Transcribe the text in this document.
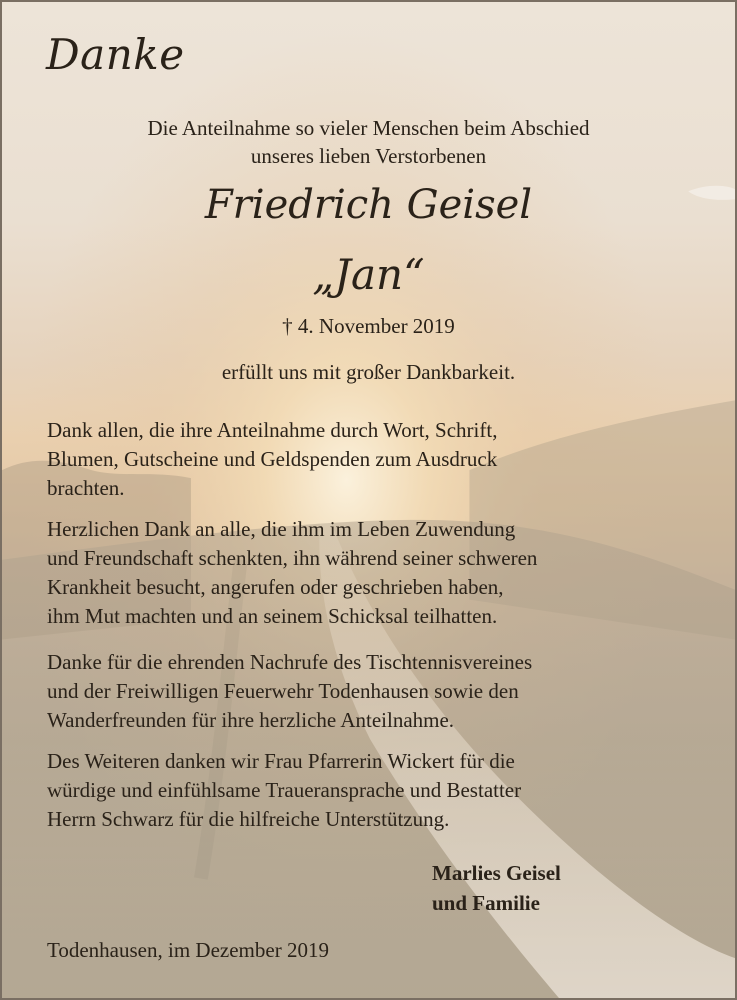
Danke
Die Anteilnahme so vieler Menschen beim Abschied
unseres lieben Verstorbenen
Friedrich Geisel
„Jan“
† 4. November 2019
erfüllt uns mit großer Dankbarkeit.

Dank allen, die ihre Anteilnahme durch Wort, Schrift,
Blumen, Gutscheine und Geldspenden zum Ausdruck
brachten.

Herzlichen Dank an alle, die ihm im Leben Zuwendung
und Freundschaft schenkten, ihn während seiner schweren
Krankheit besucht, angerufen oder geschrieben haben,
ihm Mut machten und an seinem Schicksal teilhatten.

Danke für die ehrenden Nachrufe des Tischtennisvereines
und der Freiwilligen Feuerwehr Todenhausen sowie den
Wanderfreunden für ihre herzliche Anteilnahme.

Des Weiteren danken wir Frau Pfarrerin Wickert für die
würdige und einfühlsame Traueransprache und Bestatter
Herrn Schwarz für die hilfreiche Unterstützung.

Marlies Geisel
und Familie
Todenhausen, im Dezember 2019
